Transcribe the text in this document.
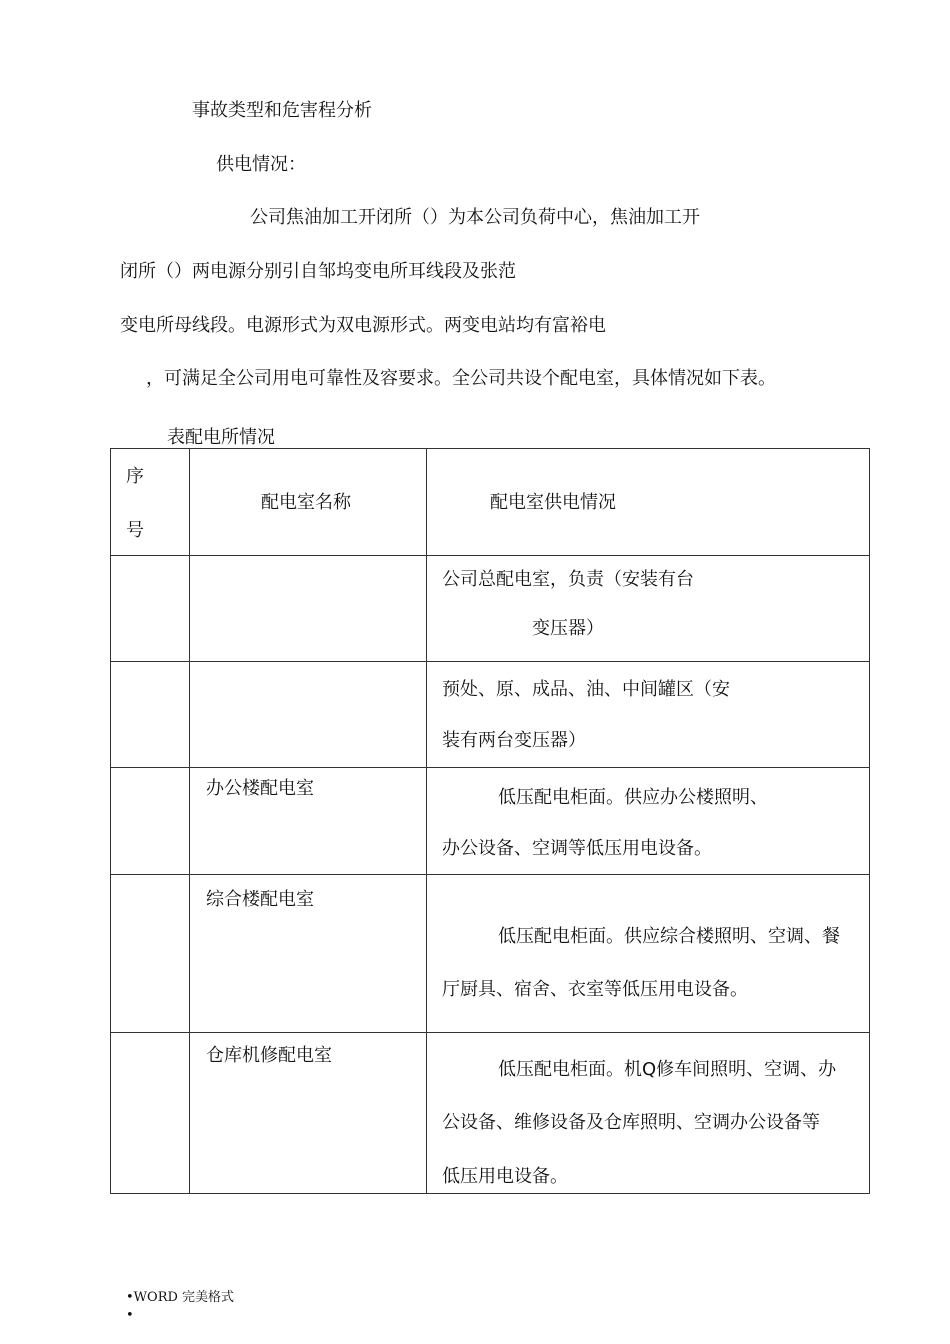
事故类型和危害程分析
供电情况：
公司焦油加工开闭所（）为本公司负荷中心，焦油加工开
闭所（）两电源分别引自邹坞变电所耳线段及张范
变电所母线段。电源形式为双电源形式。两变电站均有富裕电
，可满足全公司用电可靠性及容要求。全公司共设个配电室，具体情况如下表。
表配电所情况
序
号	配电室名称	配电室供电情况

		公司总配电室，负责（安装有台
变压器）

		预处、原、成品、油、中间罐区（安
装有两台变压器）

	办公楼配电室	低压配电柜面。供应办公楼照明、
办公设备、空调等低压用电设备。

	综合楼配电室	低压配电柜面。供应综合楼照明、空调、餐
厅厨具、宿舍、衣室等低压用电设备。

	仓库机修配电室	低压配电柜面。机Q修车间照明、空调、办
公设备、维修设备及仓库照明、空调办公设备等
低压用电设备。
•WORD 完美格式
•
